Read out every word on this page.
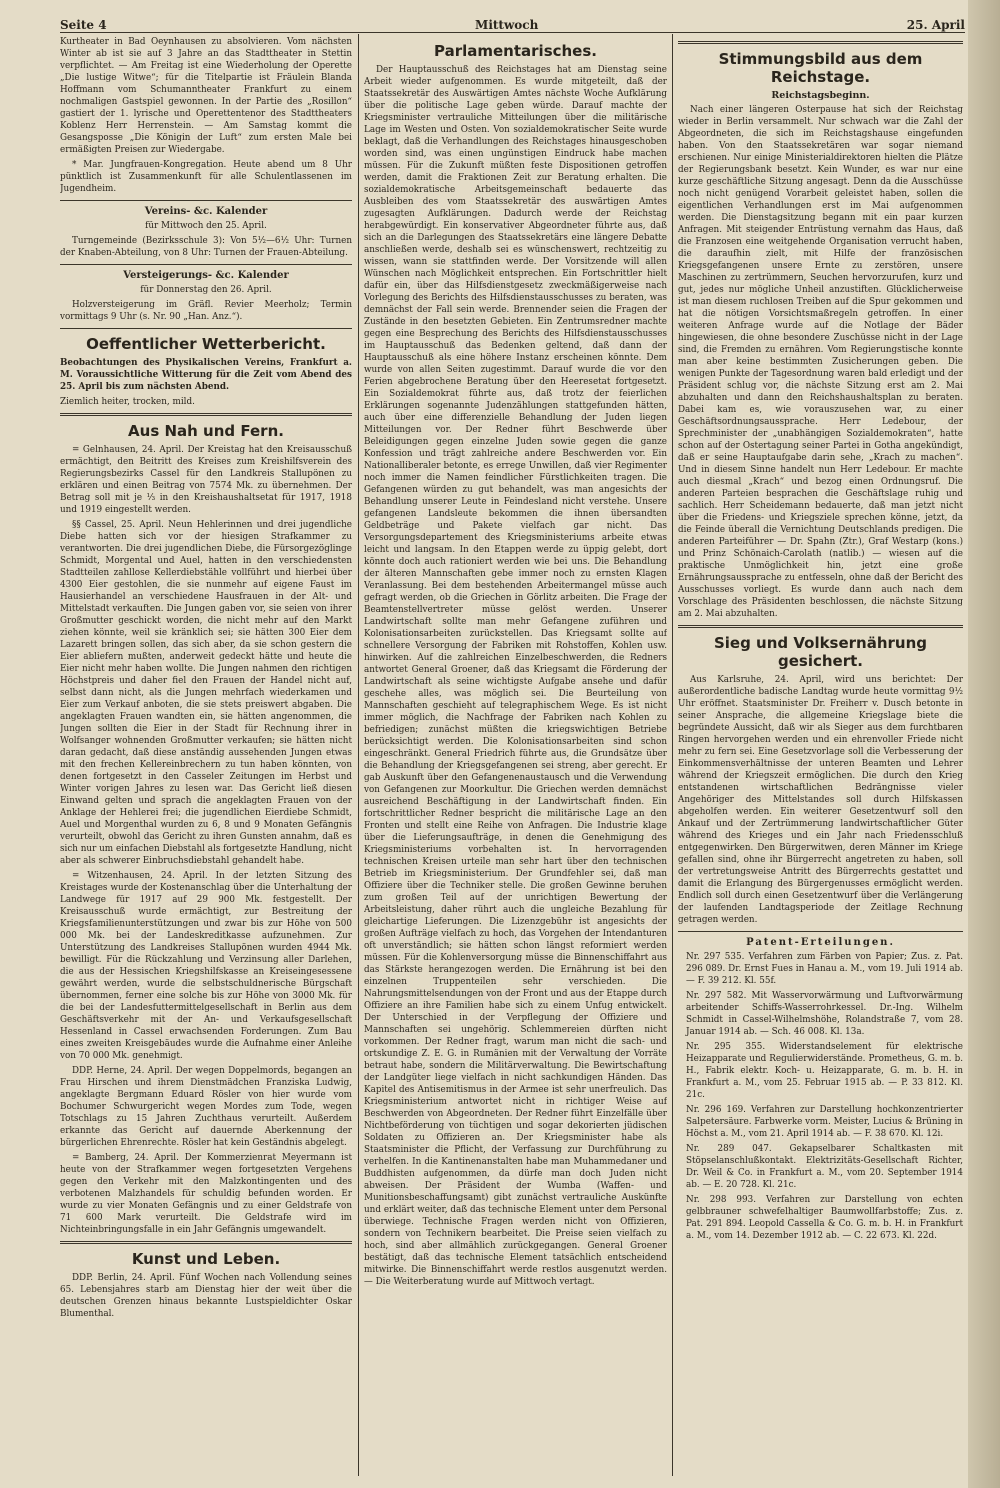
Seite 4	Mittwoch	25. April

Kurtheater in Bad Oeynhausen zu absolvieren. Vom nächsten Winter ab ist sie auf 3 Jahre an das Stadttheater in Stettin verpflichtet. — Am Freitag ist eine Wiederholung der Operette „Die lustige Witwe“; für die Titelpartie ist Fräulein Blanda Hoffmann vom Schumanntheater Frankfurt zu einem nochmaligen Gastspiel gewonnen. In der Partie des „Rosillon“ gastiert der 1. lyrische und Operettentenor des Stadttheaters Koblenz Herr Herrenstein. — Am Samstag kommt die Gesangsposse „Die Königin der Luft“ zum ersten Male bei ermäßigten Preisen zur Wiedergabe.

* Mar. Jungfrauen-Kongregation. Heute abend um 8 Uhr pünktlich ist Zusammenkunft für alle Schulentlassenen im Jugendheim.

Vereins- &c. Kalender

für Mittwoch den 25. April.

Turngemeinde (Bezirksschule 3): Von 5½—6½ Uhr: Turnen der Knaben-Abteilung, von 8 Uhr: Turnen der Frauen-Abteilung.

Versteigerungs- &c. Kalender

für Donnerstag den 26. April.

Holzversteigerung im Gräfl. Revier Meerholz; Termin vormittags 9 Uhr (s. Nr. 90 „Han. Anz.“).

Oeffentlicher Wetterbericht.

Beobachtungen des Physikalischen Vereins, Frankfurt a. M. Voraussichtliche Witterung für die Zeit vom Abend des 25. April bis zum nächsten Abend.

Ziemlich heiter, trocken, mild.

Aus Nah und Fern.

= Gelnhausen, 24. April. Der Kreistag hat den Kreisausschuß ermächtigt, den Beitritt des Kreises zum Kreishilfsverein des Regierungsbezirks Cassel für den Landkreis Stallupönen zu erklären und einen Beitrag von 7574 Mk. zu übernehmen. Der Betrag soll mit je ⅓ in den Kreishaushaltsetat für 1917, 1918 und 1919 eingestellt werden.

§§ Cassel, 25. April. Neun Hehlerinnen und drei jugendliche Diebe hatten sich vor der hiesigen Strafkammer zu verantworten. Die drei jugendlichen Diebe, die Fürsorgezöglinge Schmidt, Morgental und Auel, hatten in den verschiedensten Stadtteilen zahllose Kellerdiebstähle vollführt und hierbei über 4300 Eier gestohlen, die sie nunmehr auf eigene Faust im Hausierhandel an verschiedene Hausfrauen in der Alt- und Mittelstadt verkauften. Die Jungen gaben vor, sie seien von ihrer Großmutter geschickt worden, die nicht mehr auf den Markt ziehen könnte, weil sie kränklich sei; sie hätten 300 Eier dem Lazarett bringen sollen, das sich aber, da sie schon gestern die Eier abliefern mußten, anderweit gedeckt hätte und heute die Eier nicht mehr haben wollte. Die Jungen nahmen den richtigen Höchstpreis und daher fiel den Frauen der Handel nicht auf, selbst dann nicht, als die Jungen mehrfach wiederkamen und Eier zum Verkauf anboten, die sie stets preiswert abgaben. Die angeklagten Frauen wandten ein, sie hätten angenommen, die Jungen sollten die Eier in der Stadt für Rechnung ihrer in Wolfsanger wohnenden Großmutter verkaufen; sie hätten nicht daran gedacht, daß diese anständig aussehenden Jungen etwas mit den frechen Kellereinbrechern zu tun haben könnten, von denen fortgesetzt in den Casseler Zeitungen im Herbst und Winter vorigen Jahres zu lesen war. Das Gericht ließ diesen Einwand gelten und sprach die angeklagten Frauen von der Anklage der Hehlerei frei; die jugendlichen Eierdiebe Schmidt, Auel und Morgenthal wurden zu 6, 8 und 9 Monaten Gefängnis verurteilt, obwohl das Gericht zu ihren Gunsten annahm, daß es sich nur um einfachen Diebstahl als fortgesetzte Handlung, nicht aber als schwerer Einbruchsdiebstahl gehandelt habe.

= Witzenhausen, 24. April. In der letzten Sitzung des Kreistages wurde der Kostenanschlag über die Unterhaltung der Landwege für 1917 auf 29 900 Mk. festgestellt. Der Kreisausschuß wurde ermächtigt, zur Bestreitung der Kriegsfamilienunterstützungen und zwar bis zur Höhe von 500 000 Mk. bei der Landeskreditkasse aufzunehmen. Zur Unterstützung des Landkreises Stallupönen wurden 4944 Mk. bewilligt. Für die Rückzahlung und Verzinsung aller Darlehen, die aus der Hessischen Kriegshilfskasse an Kreiseingesessene gewährt werden, wurde die selbstschuldnerische Bürgschaft übernommen, ferner eine solche bis zur Höhe von 3000 Mk. für die bei der Landesfuttermittelgesellschaft in Berlin aus dem Geschäftsverkehr mit der An- und Verkaufsgesellschaft Hessenland in Cassel erwachsenden Forderungen. Zum Bau eines zweiten Kreisgebäudes wurde die Aufnahme einer Anleihe von 70 000 Mk. genehmigt.

DDP. Herne, 24. April. Der wegen Doppelmords, begangen an Frau Hirschen und ihrem Dienstmädchen Franziska Ludwig, angeklagte Bergmann Eduard Rösler von hier wurde vom Bochumer Schwurgericht wegen Mordes zum Tode, wegen Totschlags zu 15 Jahren Zuchthaus verurteilt. Außerdem erkannte das Gericht auf dauernde Aberkennung der bürgerlichen Ehrenrechte. Rösler hat kein Geständnis abgelegt.

= Bamberg, 24. April. Der Kommerzienrat Meyermann ist heute von der Strafkammer wegen fortgesetzten Vergehens gegen den Verkehr mit den Malzkontingenten und des verbotenen Malzhandels für schuldig befunden worden. Er wurde zu vier Monaten Gefängnis und zu einer Geldstrafe von 71 600 Mark verurteilt. Die Geldstrafe wird im Nichteinbringungsfalle in ein Jahr Gefängnis umgewandelt.

Kunst und Leben.

DDP. Berlin, 24. April. Fünf Wochen nach Vollendung seines 65. Lebensjahres starb am Dienstag hier der weit über die deutschen Grenzen hinaus bekannte Lustspieldichter Oskar Blumenthal.

Parlamentarisches.

Der Hauptausschuß des Reichstages hat am Dienstag seine Arbeit wieder aufgenommen. Es wurde mitgeteilt, daß der Staatssekretär des Auswärtigen Amtes nächste Woche Aufklärung über die politische Lage geben würde. Darauf machte der Kriegsminister vertrauliche Mitteilungen über die militärische Lage im Westen und Osten. Von sozialdemokratischer Seite wurde beklagt, daß die Verhandlungen des Reichstages hinausgeschoben worden sind, was einen ungünstigen Eindruck habe machen müssen. Für die Zukunft müßten feste Dispositionen getroffen werden, damit die Fraktionen Zeit zur Beratung erhalten. Die sozialdemokratische Arbeitsgemeinschaft bedauerte das Ausbleiben des vom Staatssekretär des auswärtigen Amtes zugesagten Aufklärungen. Dadurch werde der Reichstag herabgewürdigt. Ein konservativer Abgeordneter führte aus, daß sich an die Darlegungen des Staatssekretärs eine längere Debatte anschließen werde, deshalb sei es wünschenswert, rechtzeitig zu wissen, wann sie stattfinden werde. Der Vorsitzende will allen Wünschen nach Möglichkeit entsprechen. Ein Fortschrittler hielt dafür ein, über das Hilfsdienstgesetz zweckmäßigerweise nach Vorlegung des Berichts des Hilfsdienstausschusses zu beraten, was demnächst der Fall sein werde. Brennender seien die Fragen der Zustände in den besetzten Gebieten. Ein Zentrumsredner machte gegen eine Besprechung des Berichts des Hilfsdienstausschusses im Hauptausschuß das Bedenken geltend, daß dann der Hauptausschuß als eine höhere Instanz erscheinen könnte. Dem wurde von allen Seiten zugestimmt. Darauf wurde die vor den Ferien abgebrochene Beratung über den Heeresetat fortgesetzt. Ein Sozialdemokrat führte aus, daß trotz der feierlichen Erklärungen sogenannte Judenzählungen stattgefunden hätten, auch über eine differenzielle Behandlung der Juden liegen Mitteilungen vor. Der Redner führt Beschwerde über Beleidigungen gegen einzelne Juden sowie gegen die ganze Konfession und trägt zahlreiche andere Beschwerden vor. Ein Nationalliberaler betonte, es errege Unwillen, daß vier Regimenter noch immer die Namen feindlicher Fürstlichkeiten tragen. Die Gefangenen würden zu gut behandelt, was man angesichts der Behandlung unserer Leute in Feindesland nicht verstehe. Unsere gefangenen Landsleute bekommen die ihnen übersandten Geldbeträge und Pakete vielfach gar nicht. Das Versorgungsdepartement des Kriegsministeriums arbeite etwas leicht und langsam. In den Etappen werde zu üppig gelebt, dort könnte doch auch rationiert werden wie bei uns. Die Behandlung der älteren Mannschaften gebe immer noch zu ernsten Klagen Veranlassung. Bei dem bestehenden Arbeitermangel müsse auch gefragt werden, ob die Griechen in Görlitz arbeiten. Die Frage der Beamtenstellvertreter müsse gelöst werden. Unserer Landwirtschaft sollte man mehr Gefangene zuführen und Kolonisationsarbeiten zurückstellen. Das Kriegsamt sollte auf schnellere Versorgung der Fabriken mit Rohstoffen, Kohlen usw. hinwirken. Auf die zahlreichen Einzelbeschwerden, die Redners antwortet General Groener, daß das Kriegsamt die Förderung der Landwirtschaft als seine wichtigste Aufgabe ansehe und dafür geschehe alles, was möglich sei. Die Beurteilung von Mannschaften geschieht auf telegraphischem Wege. Es ist nicht immer möglich, die Nachfrage der Fabriken nach Kohlen zu befriedigen; zunächst müßten die kriegswichtigen Betriebe berücksichtigt werden. Die Kolonisationsarbeiten sind schon eingeschränkt. General Friedrich führte aus, die Grundsätze über die Behandlung der Kriegsgefangenen sei streng, aber gerecht. Er gab Auskunft über den Gefangenenaustausch und die Verwendung von Gefangenen zur Moorkultur. Die Griechen werden demnächst ausreichend Beschäftigung in der Landwirtschaft finden. Ein fortschrittlicher Redner bespricht die militärische Lage an den Fronten und stellt eine Reihe von Anfragen. Die Industrie klage über die Lieferungsaufträge, in denen die Genehmigung des Kriegsministeriums vorbehalten ist. In hervorragenden technischen Kreisen urteile man sehr hart über den technischen Betrieb im Kriegsministerium. Der Grundfehler sei, daß man Offiziere über die Techniker stelle. Die großen Gewinne beruhen zum großen Teil auf der unrichtigen Bewertung der Arbeitsleistung, daher rührt auch die ungleiche Bezahlung für gleichartige Lieferungen. Die Lizenzgebühr ist angesichts der großen Aufträge vielfach zu hoch, das Vorgehen der Intendanturen oft unverständlich; sie hätten schon längst reformiert werden müssen. Für die Kohlenversorgung müsse die Binnenschiffahrt aus das Stärkste herangezogen werden. Die Ernährung ist bei den einzelnen Truppenteilen sehr verschieden. Die Nahrungsmittelsendungen von der Front und aus der Etappe durch Offiziere an ihre Familien habe sich zu einem Unfug entwickelt. Der Unterschied in der Verpflegung der Offiziere und Mannschaften sei ungehörig. Schlemmereien dürften nicht vorkommen. Der Redner fragt, warum man nicht die sach- und ortskundige Z. E. G. in Rumänien mit der Verwaltung der Vorräte betraut habe, sondern die Militärverwaltung. Die Bewirtschaftung der Landgüter liege vielfach in nicht sachkundigen Händen. Das Kapitel des Antisemitismus in der Armee ist sehr unerfreulich. Das Kriegsministerium antwortet nicht in richtiger Weise auf Beschwerden von Abgeordneten. Der Redner führt Einzelfälle über Nichtbeförderung von tüchtigen und sogar dekorierten jüdischen Soldaten zu Offizieren an. Der Kriegsminister habe als Staatsminister die Pflicht, der Verfassung zur Durchführung zu verhelfen. In die Kantinenanstalten habe man Muhammedaner und Buddhisten aufgenommen, da dürfe man doch Juden nicht abweisen. Der Präsident der Wumba (Waffen- und Munitionsbeschaffungsamt) gibt zunächst vertrauliche Auskünfte und erklärt weiter, daß das technische Element unter dem Personal überwiege. Technische Fragen werden nicht von Offizieren, sondern von Technikern bearbeitet. Die Preise seien vielfach zu hoch, sind aber allmählich zurückgegangen. General Groener bestätigt, daß das technische Element tatsächlich entscheidend mitwirke. Die Binnenschiffahrt werde restlos ausgenutzt werden. — Die Weiterberatung wurde auf Mittwoch vertagt.

Stimmungsbild aus dem Reichstage.
Reichstagsbeginn.

Nach einer längeren Osterpause hat sich der Reichstag wieder in Berlin versammelt. Nur schwach war die Zahl der Abgeordneten, die sich im Reichstagshause eingefunden haben. Von den Staatssekretären war sogar niemand erschienen. Nur einige Ministerialdirektoren hielten die Plätze der Regierungsbank besetzt. Kein Wunder, es war nur eine kurze geschäftliche Sitzung angesagt. Denn da die Ausschüsse noch nicht genügend Vorarbeit geleistet haben, sollen die eigentlichen Verhandlungen erst im Mai aufgenommen werden. Die Dienstagsitzung begann mit ein paar kurzen Anfragen. Mit steigender Entrüstung vernahm das Haus, daß die Franzosen eine weitgehende Organisation verrucht haben, die daraufhin zielt, mit Hilfe der französischen Kriegsgefangenen unsere Ernte zu zerstören, unsere Maschinen zu zertrümmern, Seuchen hervorzurufen, kurz und gut, jedes nur mögliche Unheil anzustiften. Glücklicherweise ist man diesem ruchlosen Treiben auf die Spur gekommen und hat die nötigen Vorsichtsmaßregeln getroffen. In einer weiteren Anfrage wurde auf die Notlage der Bäder hingewiesen, die ohne besondere Zuschüsse nicht in der Lage sind, die Fremden zu ernähren. Vom Regierungstische konnte man aber keine bestimmten Zusicherungen geben. Die wenigen Punkte der Tagesordnung waren bald erledigt und der Präsident schlug vor, die nächste Sitzung erst am 2. Mai abzuhalten und dann den Reichshaushaltsplan zu beraten. Dabei kam es, wie vorauszusehen war, zu einer Geschäftsordnungsaussprache. Herr Ledebour, der Sprechminister der „unabhängigen Sozialdemokraten“, hatte schon auf der Ostertagung seiner Partei in Gotha angekündigt, daß er seine Hauptaufgabe darin sehe, „Krach zu machen“. Und in diesem Sinne handelt nun Herr Ledebour. Er machte auch diesmal „Krach“ und bezog einen Ordnungsruf. Die anderen Parteien besprachen die Geschäftslage ruhig und sachlich. Herr Scheidemann bedauerte, daß man jetzt nicht über die Friedens- und Kriegsziele sprechen könne, jetzt, da die Feinde überall die Vernichtung Deutschlands predigen. Die anderen Parteiführer — Dr. Spahn (Ztr.), Graf Westarp (kons.) und Prinz Schönaich-Carolath (natlib.) — wiesen auf die praktische Unmöglichkeit hin, jetzt eine große Ernährungsaussprache zu entfesseln, ohne daß der Bericht des Ausschusses vorliegt. Es wurde dann auch nach dem Vorschlage des Präsidenten beschlossen, die nächste Sitzung am 2. Mai abzuhalten.

Sieg und Volksernährung gesichert.

Aus Karlsruhe, 24. April, wird uns berichtet: Der außerordentliche badische Landtag wurde heute vormittag 9½ Uhr eröffnet. Staatsminister Dr. Freiherr v. Dusch betonte in seiner Ansprache, die allgemeine Kriegslage biete die begründete Aussicht, daß wir als Sieger aus dem furchtbaren Ringen hervorgehen werden und ein ehrenvoller Friede nicht mehr zu fern sei. Eine Gesetzvorlage soll die Verbesserung der Einkommensverhältnisse der unteren Beamten und Lehrer während der Kriegszeit ermöglichen. Die durch den Krieg entstandenen wirtschaftlichen Bedrängnisse vieler Angehöriger des Mittelstandes soll durch Hilfskassen abgeholfen werden. Ein weiterer Gesetzentwurf soll den Ankauf und der Zertrümmerung landwirtschaftlicher Güter während des Krieges und ein Jahr nach Friedensschluß entgegenwirken. Den Bürgerwitwen, deren Männer im Kriege gefallen sind, ohne ihr Bürgerrecht angetreten zu haben, soll der vertretungsweise Antritt des Bürgerrechts gestattet und damit die Erlangung des Bürgergenusses ermöglicht werden. Endlich soll durch einen Gesetzentwurf über die Verlängerung der laufenden Landtagsperiode der Zeitlage Rechnung getragen werden.

Patent-Erteilungen.

Nr. 297 535. Verfahren zum Färben von Papier; Zus. z. Pat. 296 089. Dr. Ernst Fues in Hanau a. M., vom 19. Juli 1914 ab. — F. 39 212. Kl. 55f.

Nr. 297 582. Mit Wasservorwärmung und Luftvorwärmung arbeitender Schiffs-Wasserrohrkessel. Dr.-Ing. Wilhelm Schmidt in Cassel-Wilhelmshöhe, Rolandstraße 7, vom 28. Januar 1914 ab. — Sch. 46 008. Kl. 13a.

Nr. 295 355. Widerstandselement für elektrische Heizapparate und Regulierwiderstände. Prometheus, G. m. b. H., Fabrik elektr. Koch- u. Heizapparate, G. m. b. H. in Frankfurt a. M., vom 25. Februar 1915 ab. — P. 33 812. Kl. 21c.

Nr. 296 169. Verfahren zur Darstellung hochkonzentrierter Salpetersäure. Farbwerke vorm. Meister, Lucius & Brüning in Höchst a. M., vom 21. April 1914 ab. — F. 38 670. Kl. 12i.

Nr. 289 047. Gekapselbarer Schaltkasten mit Stöpselanschlußkontakt. Elektrizitäts-Gesellschaft Richter, Dr. Weil & Co. in Frankfurt a. M., vom 20. September 1914 ab. — E. 20 728. Kl. 21c.

Nr. 298 993. Verfahren zur Darstellung von echten gelbbrauner schwefelhaltiger Baumwollfarbstoffe; Zus. z. Pat. 291 894. Leopold Cassella & Co. G. m. b. H. in Frankfurt a. M., vom 14. Dezember 1912 ab. — C. 22 673. Kl. 22d.
